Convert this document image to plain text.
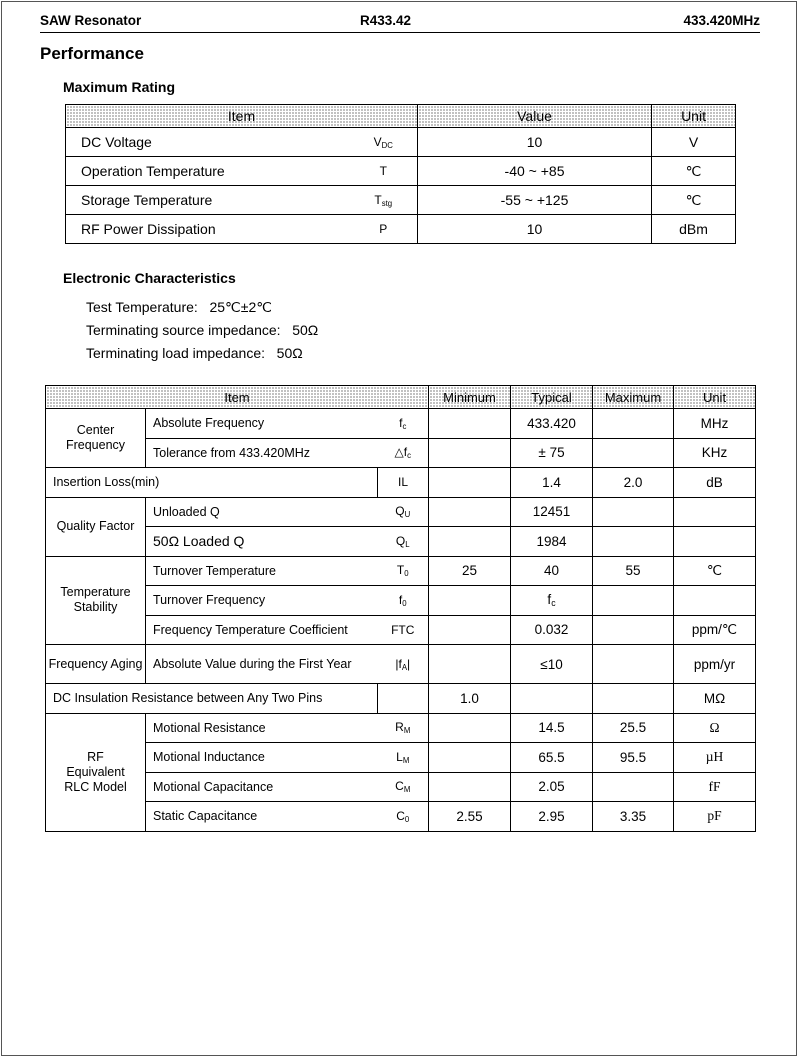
SAW Resonator	R433.42	433.420MHz
Performance
Maximum Rating
Item		Value	Unit
DC Voltage	$V_{DC}$	10	V
Operation Temperature	T	-40 ~ +85	℃
Storage Temperature	$T_{stg}$	-55 ~ +125	℃
RF Power Dissipation	P	10	dBm
Electronic Characteristics
Test Temperature: 25℃±2℃
Terminating source impedance: 50Ω
Terminating load impedance: 50Ω
Item			Minimum	Typical	Maximum	Unit
Center Frequency	Absolute Frequency	$f_c$		433.420		MHz
	Tolerance from 433.420MHz	$\triangle f_c$		± 75		KHz
Insertion Loss(min)		IL		1.4	2.0	dB
Quality Factor	Unloaded Q	$Q_U$		12451		
	50Ω Loaded Q	$Q_L$		1984		
Temperature Stability	Turnover Temperature	$T_0$	25	40	55	℃
	Turnover Frequency	$f_0$		$f_c$		
	Frequency Temperature Coefficient	FTC		0.032		ppm/℃
Frequency Aging	Absolute Value during the First Year	$|f_A|$		≤10		ppm/yr
DC Insulation Resistance between Any Two Pins			1.0			MΩ
RF Equivalent RLC Model	Motional Resistance	$R_M$		14.5	25.5	Ω
	Motional Inductance	$L_M$		65.5	95.5	µH
	Motional Capacitance	$C_M$		2.05		fF
	Static Capacitance	$C_0$	2.55	2.95	3.35	pF
